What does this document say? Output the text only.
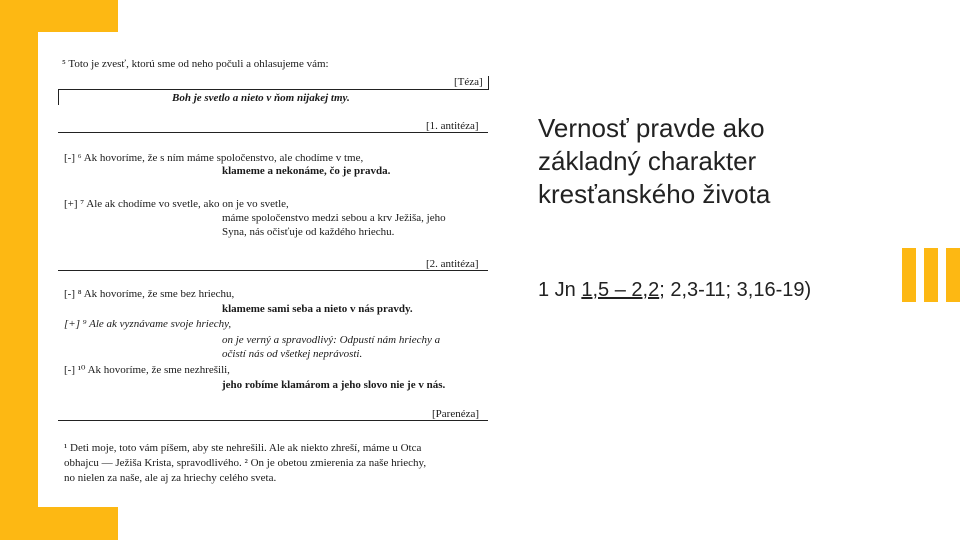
⁵ Toto je zvesť, ktorú sme od neho počuli a ohlasujeme vám:
[Téza]
Boh je svetlo a nieto v ňom nijakej tmy.
[1. antitéza]
[-] ⁶ Ak hovoríme, že s ním máme spoločenstvo, ale chodíme v tme,
klameme a nekonáme, čo je pravda.
[+] ⁷ Ale ak chodíme vo svetle, ako on je vo svetle,
máme spoločenstvo medzi sebou a krv Ježiša, jeho
Syna, nás očisťuje od každého hriechu.
[2. antitéza]
[-] ⁸ Ak hovoríme, že sme bez hriechu,
klameme sami seba a nieto v nás pravdy.
[+] ⁹ Ale ak vyznávame svoje hriechy,
on je verný a spravodlivý: Odpustí nám hriechy a
očistí nás od všetkej neprávosti.
[-] ¹⁰ Ak hovoríme, že sme nezhrešili,
jeho robíme klamárom a jeho slovo nie je v nás.
[Parenéza]
¹ Deti moje, toto vám píšem, aby ste nehrešili. Ale ak niekto zhreší, máme u Otca
obhajcu — Ježiša Krista, spravodlivého. ² On je obetou zmierenia za naše hriechy,
no nielen za naše, ale aj za hriechy celého sveta.
Vernosť pravde ako základný charakter kresťanského života
1 Jn 1,5 – 2,2; 2,3-11; 3,16-19)
